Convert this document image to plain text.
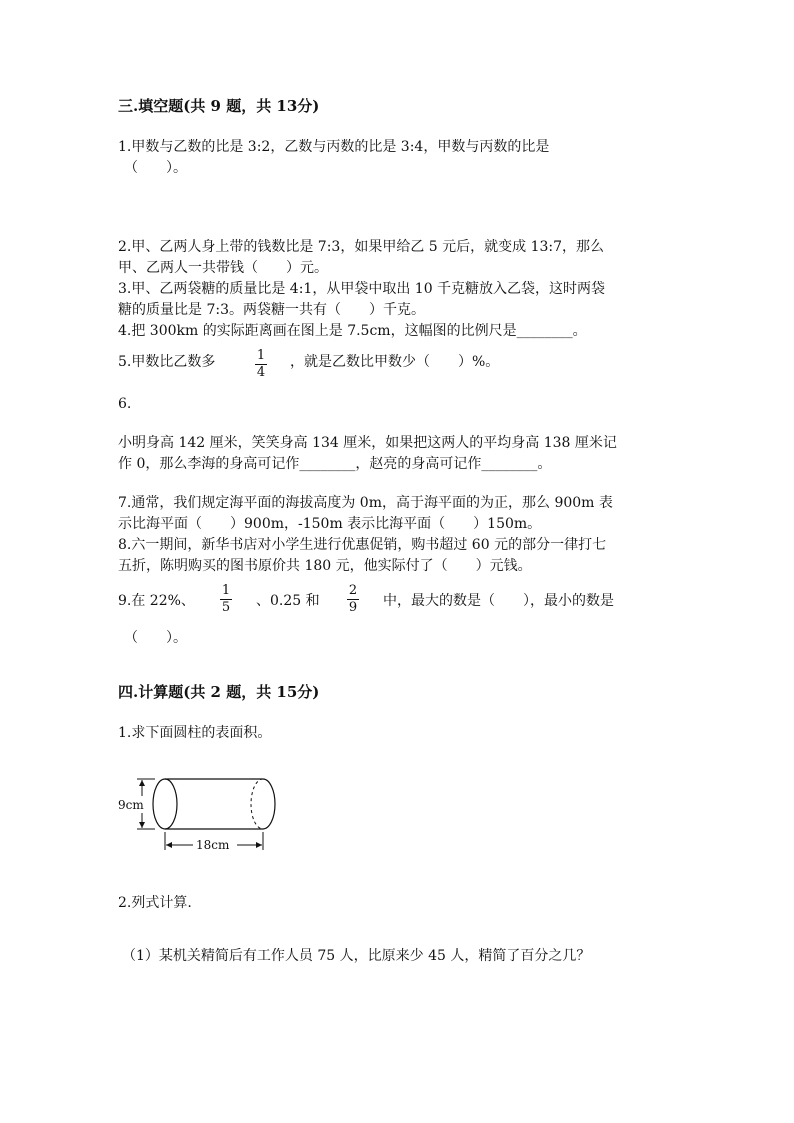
三.填空题(共 9 题，共 13分)
1.甲数与乙数的比是 3:2，乙数与丙数的比是 3:4，甲数与丙数的比是
（　　）。
2.甲、乙两人身上带的钱数比是 7:3，如果甲给乙 5 元后，就变成 13:7，那么
甲、乙两人一共带钱（　　）元。
3.甲、乙两袋糖的质量比是 4:1，从甲袋中取出 10 千克糖放入乙袋，这时两袋
糖的质量比是 7:3。两袋糖一共有（　　）千克。
4.把 300km 的实际距离画在图上是 7.5cm，这幅图的比例尺是________。
5.甲数比乙数多	1
4
，就是乙数比甲数少（　　）%。
6.
小明身高 142 厘米，笑笑身高 134 厘米，如果把这两人的平均身高 138 厘米记
作 0，那么李海的身高可记作________，赵亮的身高可记作________。
7.通常，我们规定海平面的海拔高度为 0m，高于海平面的为正，那么 900m 表
示比海平面（　　）900m，-150m 表示比海平面（　　）150m。
8.六一期间，新华书店对小学生进行优惠促销，购书超过 60 元的部分一律打七
五折，陈明购买的图书原价共 180 元，他实际付了（　　）元钱。
9.在 22%、
1
5 、0.25 和
2
9 中，最大的数是（　　），最小的数是
（　　）。
四.计算题(共 2 题，共 15分)
1.求下面圆柱的表面积。
9cm
18cm
2.列式计算.
（1）某机关精简后有工作人员 75 人，比原来少 45 人，精简了百分之几？
